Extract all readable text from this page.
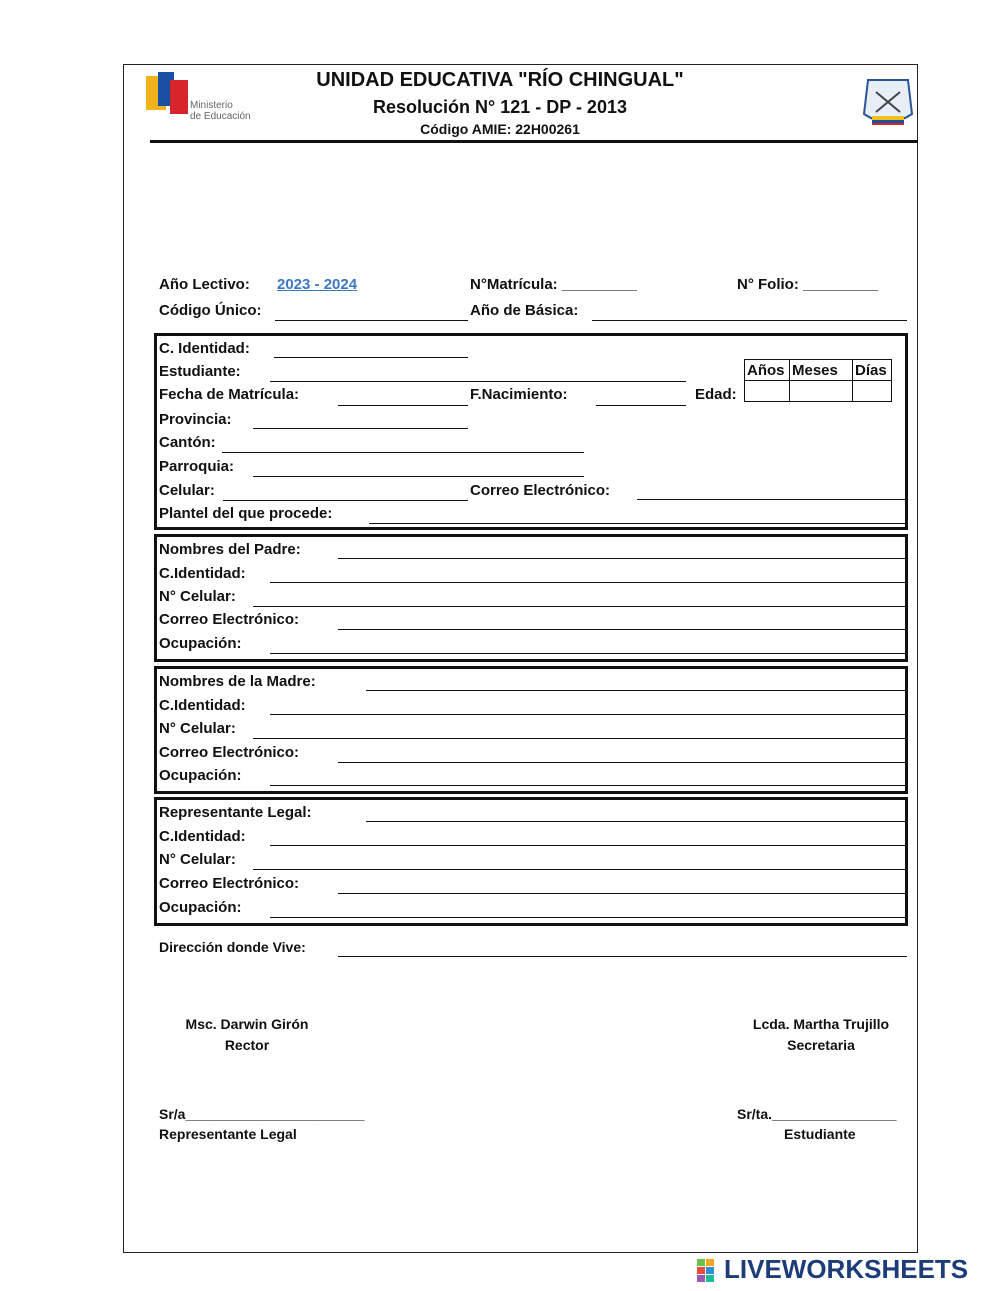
Ministerio
de Educación
UNIDAD EDUCATIVA "RÍO CHINGUAL"
Resolución N° 121 - DP - 2013
Código AMIE: 22H00261
Año Lectivo: 2023 - 2024	N°Matrícula: _________	N° Folio: _________
Código Único:	Año de Básica:
C. Identidad:
Estudiante:
Fecha de Matrícula:	F.Nacimiento:	Edad:
Años	Meses	Días

Provincia:
Cantón:
Parroquia:
Celular:	Correo Electrónico:
Plantel del que procede:
Nombres del Padre:
C.Identidad:
N° Celular:
Correo Electrónico:
Ocupación:
Nombres de la Madre:
C.Identidad:
N° Celular:
Correo Electrónico:
Ocupación:
Representante Legal:
C.Identidad:
N° Celular:
Correo Electrónico:
Ocupación:
Dirección donde Vive:
Msc. Darwin Girón
Rector
Lcda. Martha Trujillo
Secretaria
Sr/a_______________________
Representante Legal
Sr/ta.________________
Estudiante
LIVEWORKSHEETS
